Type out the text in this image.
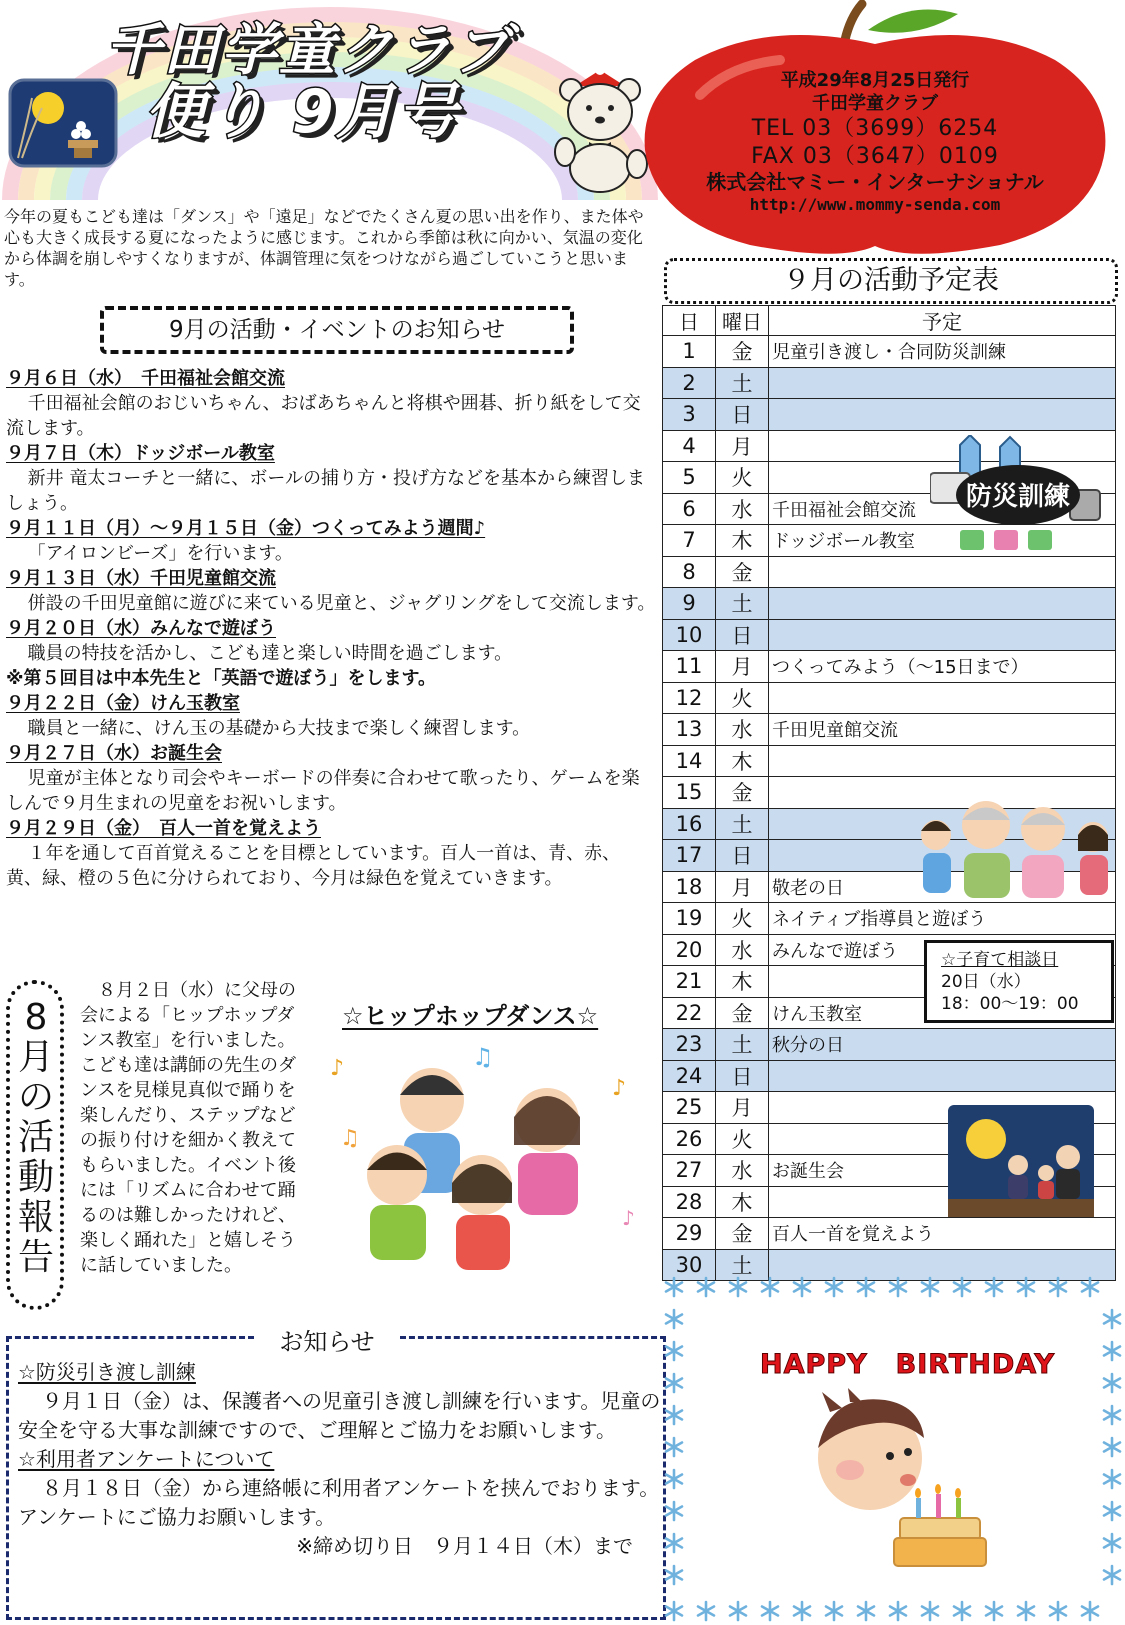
千田学童クラブ
便り 9月号	平成29年8月25日発行
千田学童クラブ
TEL 03（3699）6254
FAX 03（3647）0109
株式会社マミー・インターナショナル
http://www.mommy-senda.com
今年の夏もこども達は「ダンス」や「遠足」などでたくさん夏の思い出を作り、また体や心も大きく成長する夏になったように感じます。これから季節は秋に向かい、気温の変化から体調を崩しやすくなりますが、体調管理に気をつけながら過ごしていこうと思います。
9月の活動・イベントのお知らせ
９月６日（水）　千田福祉会館交流
千田福祉会館のおじいちゃん、おばあちゃんと将棋や囲碁、折り紙をして交流します。
９月７日（木）ドッジボール教室
新井 竜太コーチと一緒に、ボールの捕り方・投げ方などを基本から練習しましょう。
９月１１日（月）～９月１５日（金）つくってみよう週間♪
「アイロンビーズ」を行います。
９月１３日（水）千田児童館交流
併設の千田児童館に遊びに来ている児童と、ジャグリングをして交流します。
９月２０日（水）みんなで遊ぼう
職員の特技を活かし、こども達と楽しい時間を過ごします。
※第５回目は中本先生と「英語で遊ぼう」をします。
９月２２日（金）けん玉教室
職員と一緒に、けん玉の基礎から大技まで楽しく練習します。
９月２７日（水）お誕生会
児童が主体となり司会やキーボードの伴奏に合わせて歌ったり、ゲームを楽しんで９月生まれの児童をお祝いします。
９月２９日（金）　百人一首を覚えよう
１年を通して百首覚えることを目標としています。百人一首は、青、赤、黄、緑、橙の５色に分けられており、今月は緑色を覚えていきます。
8月の活動報告
８月２日（水）に父母の会による「ヒップホップダンス教室」を行いました。こども達は講師の先生のダンスを見様見真似で踊りを楽しんだり、ステップなどの振り付けを細かく教えてもらいました。イベント後には「リズムに合わせて踊るのは難しかったけれど、楽しく踊れた」と嬉しそうに話していました。
☆ヒップホップダンス☆
♪	♫
♪
♫
♪
お知らせ
☆防災引き渡し訓練
９月１日（金）は、保護者への児童引き渡し訓練を行います。児童の安全を守る大事な訓練ですので、ご理解とご協力をお願いします。
☆利用者アンケートについて
８月１８日（金）から連絡帳に利用者アンケートを挟んでおります。アンケートにご協力お願いします。
※締め切り日　９月１４日（木）まで
９月の活動予定表
日	曜日	予定
1	金	児童引き渡し・合同防災訓練
2	土	
3	日	
4	月	
5	火	
6	水	千田福祉会館交流
7	木	ドッジボール教室
8	金	
9	土	
10	日	
11	月	つくってみよう（～15日まで）
12	火	
13	水	千田児童館交流
14	木	
15	金	
16	土	
17	日	
18	月	敬老の日
19	火	ネイティブ指導員と遊ぼう
20	水	みんなで遊ぼう
21	木	
22	金	けん玉教室
23	土	秋分の日
24	日	
25	月	
26	火	
27	水	お誕生会
28	木	
29	金	百人一首を覚えよう
30	土	
防災訓練
☆子育て相談日
20日（水）
18：00～19：00
HAPPY　BIRTHDAY
